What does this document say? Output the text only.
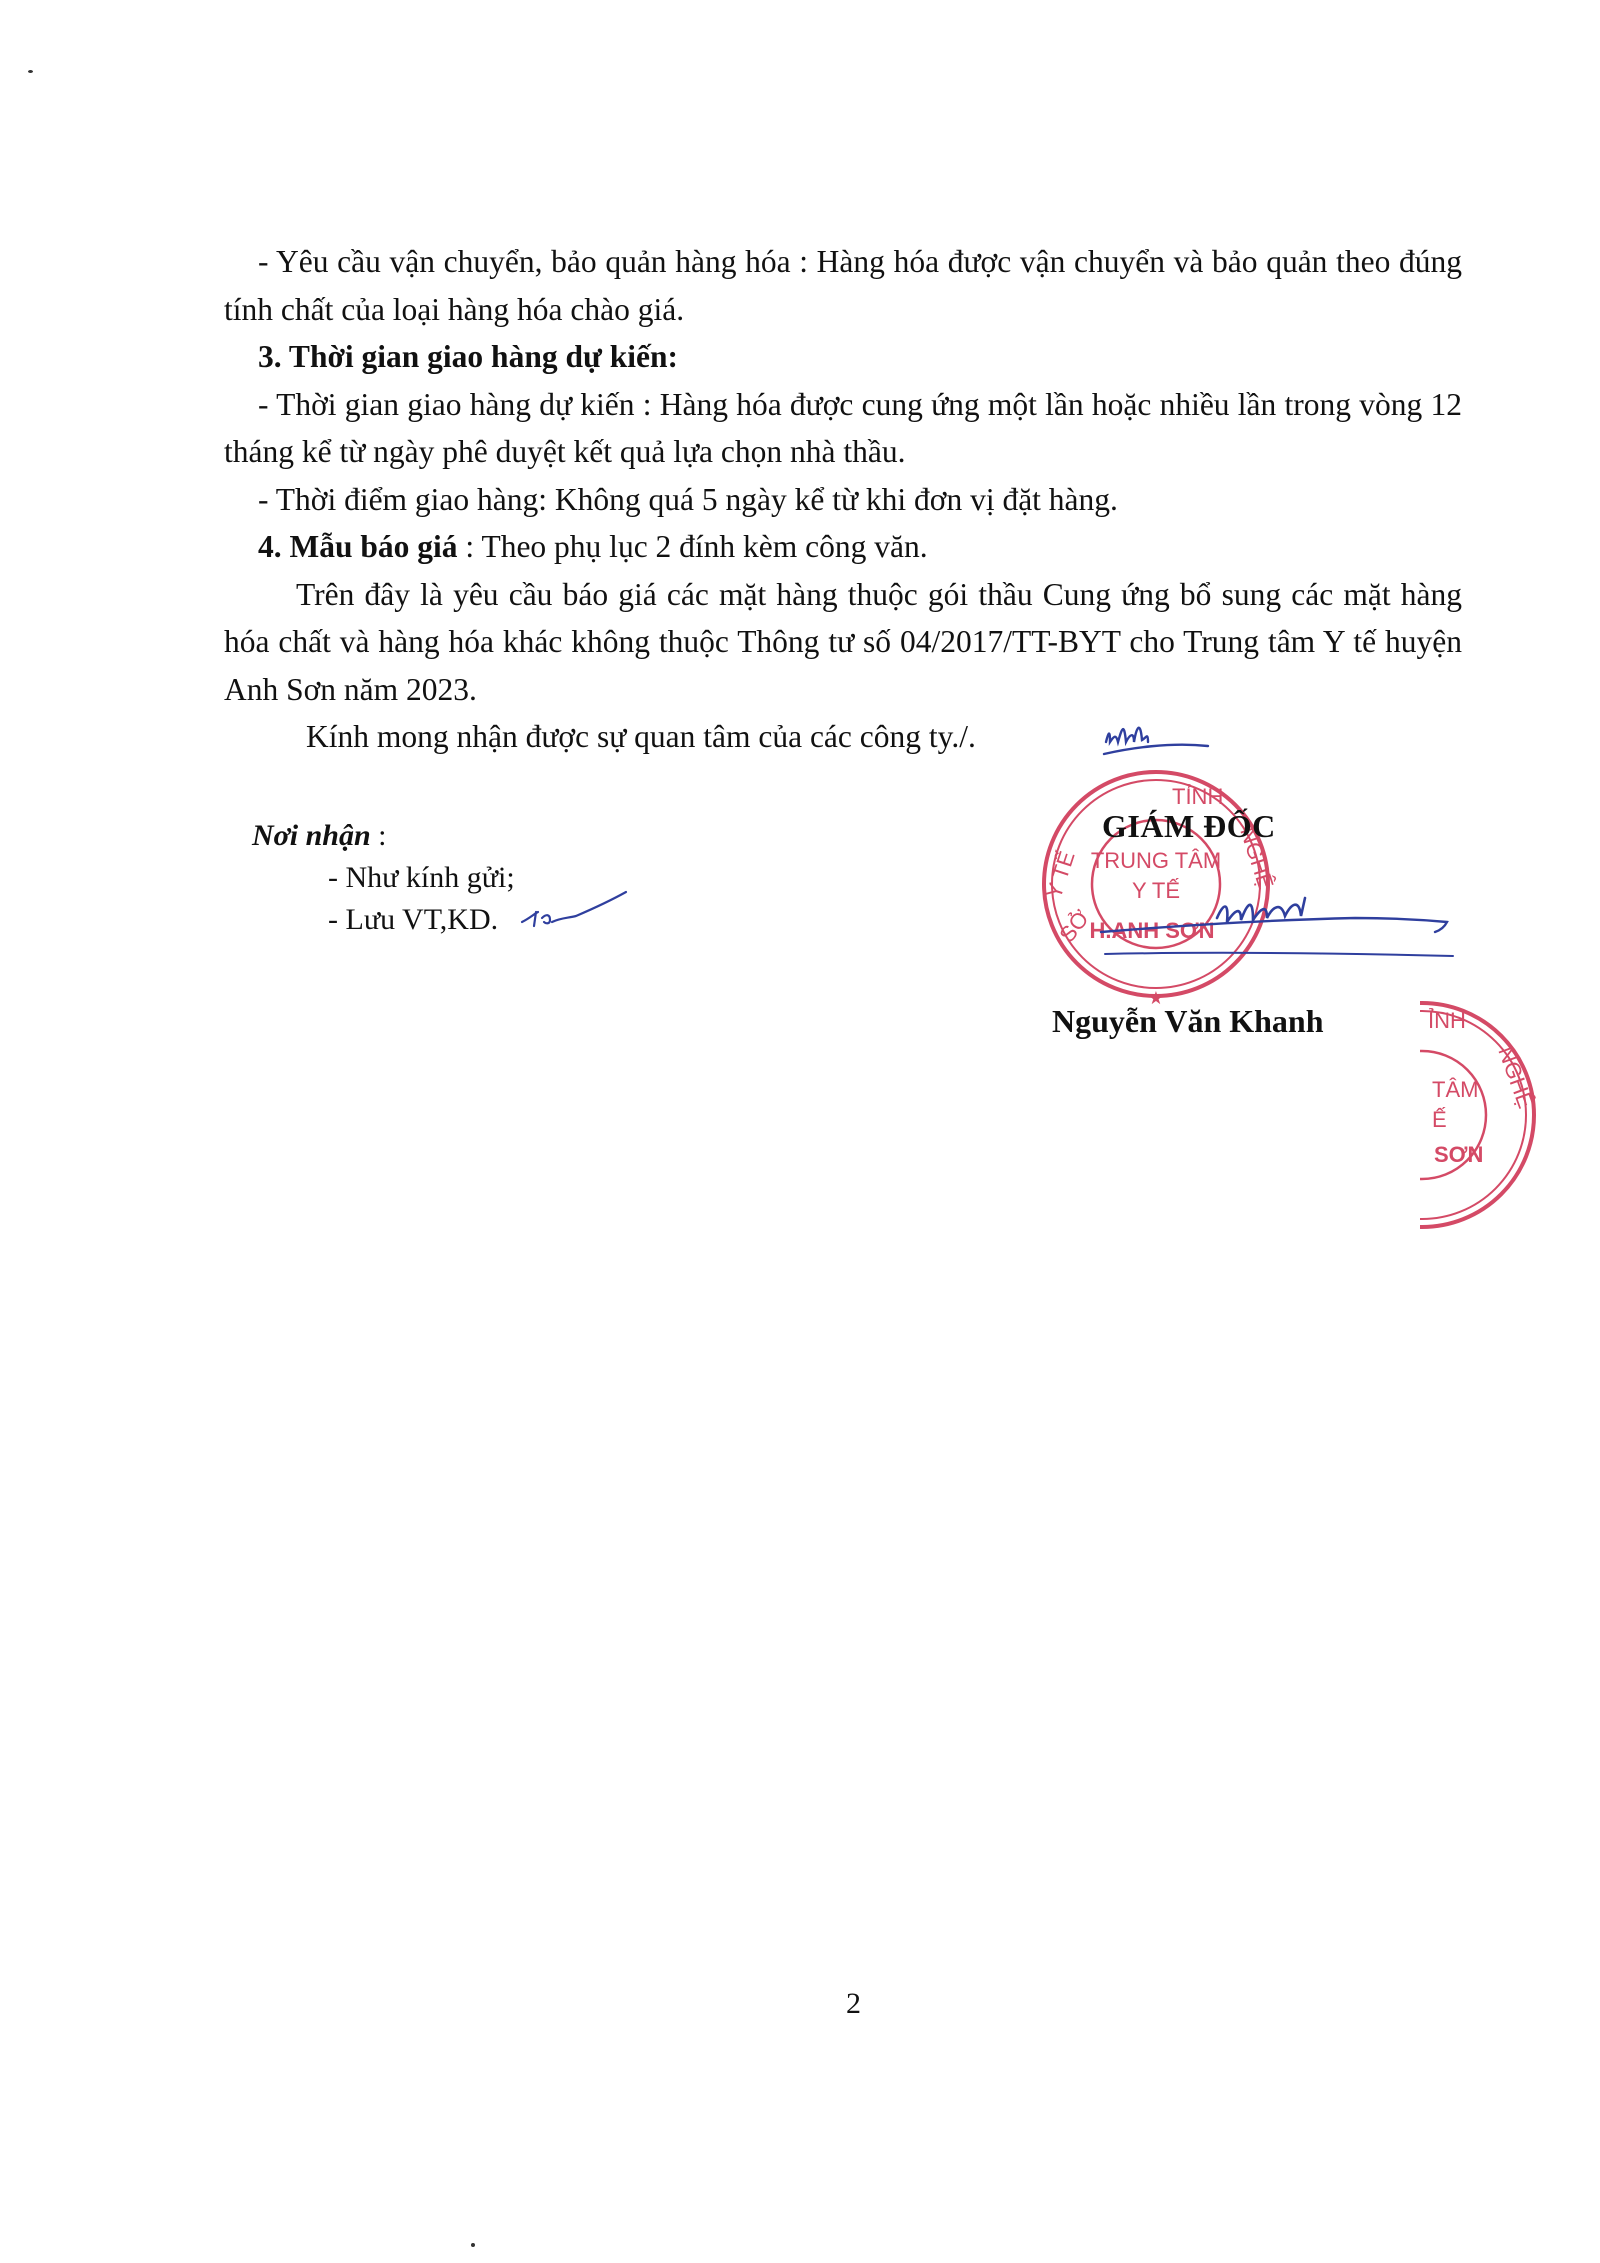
- Yêu cầu vận chuyển, bảo quản hàng hóa : Hàng hóa được vận chuyển và bảo quản theo đúng tính chất của loại hàng hóa chào giá.

3. Thời gian giao hàng dự kiến:

- Thời gian giao hàng dự kiến : Hàng hóa được cung ứng một lần hoặc nhiều lần trong vòng 12 tháng kể từ ngày phê duyệt kết quả lựa chọn nhà thầu.

- Thời điểm giao hàng: Không quá 5 ngày kể từ khi đơn vị đặt hàng.

4. Mẫu báo giá : Theo phụ lục 2 đính kèm công văn.

Trên đây là yêu cầu báo giá các mặt hàng thuộc gói thầu Cung ứng bổ sung các mặt hàng hóa chất và hàng hóa khác không thuộc Thông tư số 04/2017/TT-BYT cho Trung tâm Y tế huyện Anh Sơn năm 2023.

Kính mong nhận được sự quan tâm của các công ty./.

Nơi nhận :
- Như kính gửi;
- Lưu VT,KD.
TỈNH
NGHỆ
Y TẾ
SỞ
TRUNG TÂM
Y TẾ
H.ANH SƠN
★
GIÁM ĐỐC
Nguyễn Văn Khanh	ỈNH
NGHỆ
TÂM
Ế
SƠN
2
